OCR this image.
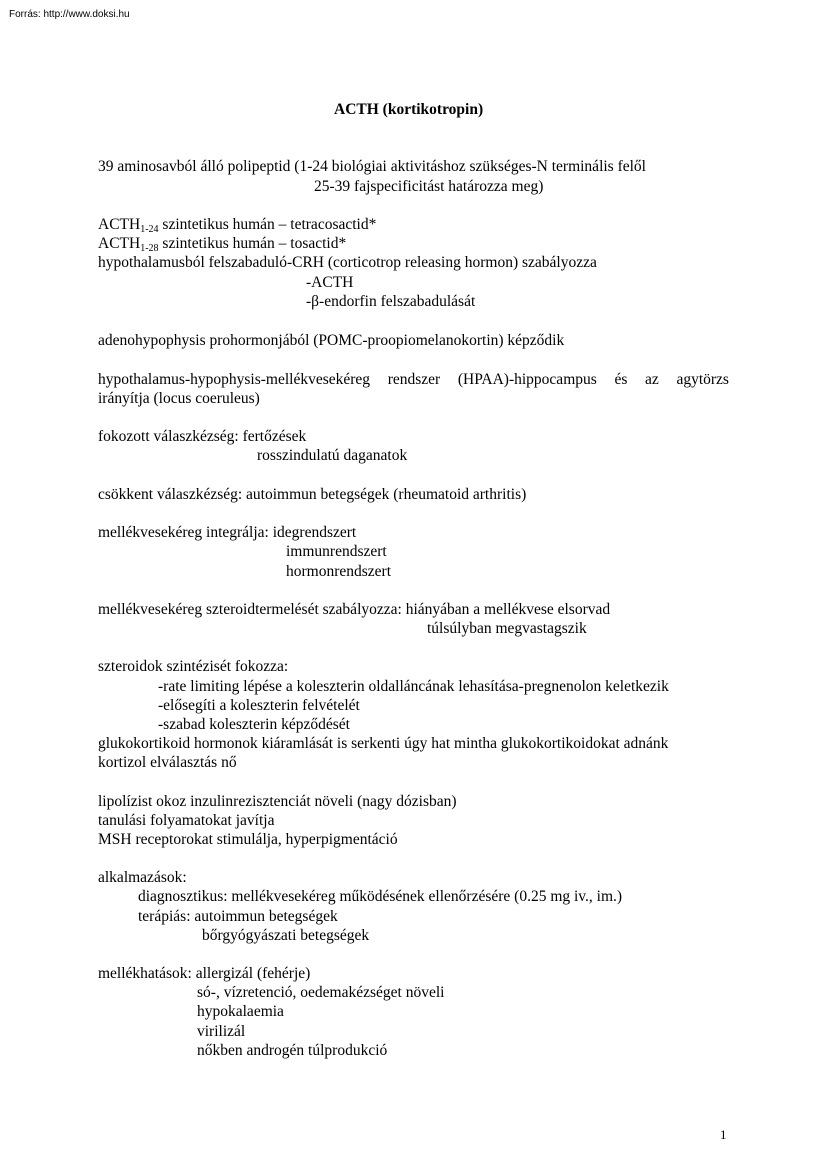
Forrás: http://www.doksi.hu

ACTH (kortikotropin)

39 aminosavból álló polipeptid (1-24 biológiai aktivitáshoz szükséges-N terminális felől

25-39 fajspecificitást határozza meg)

$ACTH_{1-24}$ szintetikus humán – tetracosactid*

$ACTH_{1-28}$ szintetikus humán – tosactid*

hypothalamusból felszabaduló-CRH (corticotrop releasing hormon) szabályozza

-ACTH

-β-endorfin felszabadulását

adenohypophysis prohormonjából (POMC-proopiomelanokortin) képződik

hypothalamus-hypophysis-mellékvesekéreg rendszer (HPAA)-hippocampus és az agytörzs

irányítja (locus coeruleus)

fokozott válaszkézség: fertőzések

rosszindulatú daganatok

csökkent válaszkézség: autoimmun betegségek (rheumatoid arthritis)

mellékvesekéreg integrálja: idegrendszert

immunrendszert

hormonrendszert

mellékvesekéreg szteroidtermelését szabályozza: hiányában a mellékvese elsorvad

túlsúlyban megvastagszik

szteroidok szintézisét fokozza:

-rate limiting lépése a koleszterin oldalláncának lehasítása-pregnenolon keletkezik

-elősegíti a koleszterin felvételét

-szabad koleszterin képződését

glukokortikoid hormonok kiáramlását is serkenti úgy hat mintha glukokortikoidokat adnánk

kortizol elválasztás nő

lipolízist okoz inzulinrezisztenciát növeli (nagy dózisban)

tanulási folyamatokat javítja

MSH receptorokat stimulálja, hyperpigmentáció

alkalmazások:

diagnosztikus: mellékvesekéreg működésének ellenőrzésére (0.25 mg iv., im.)

terápiás: autoimmun betegségek

bőrgyógyászati betegségek

mellékhatások: allergizál (fehérje)

só-, vízretenció, oedemakézséget növeli

hypokalaemia

virilizál

nőkben androgén túlprodukció

1
